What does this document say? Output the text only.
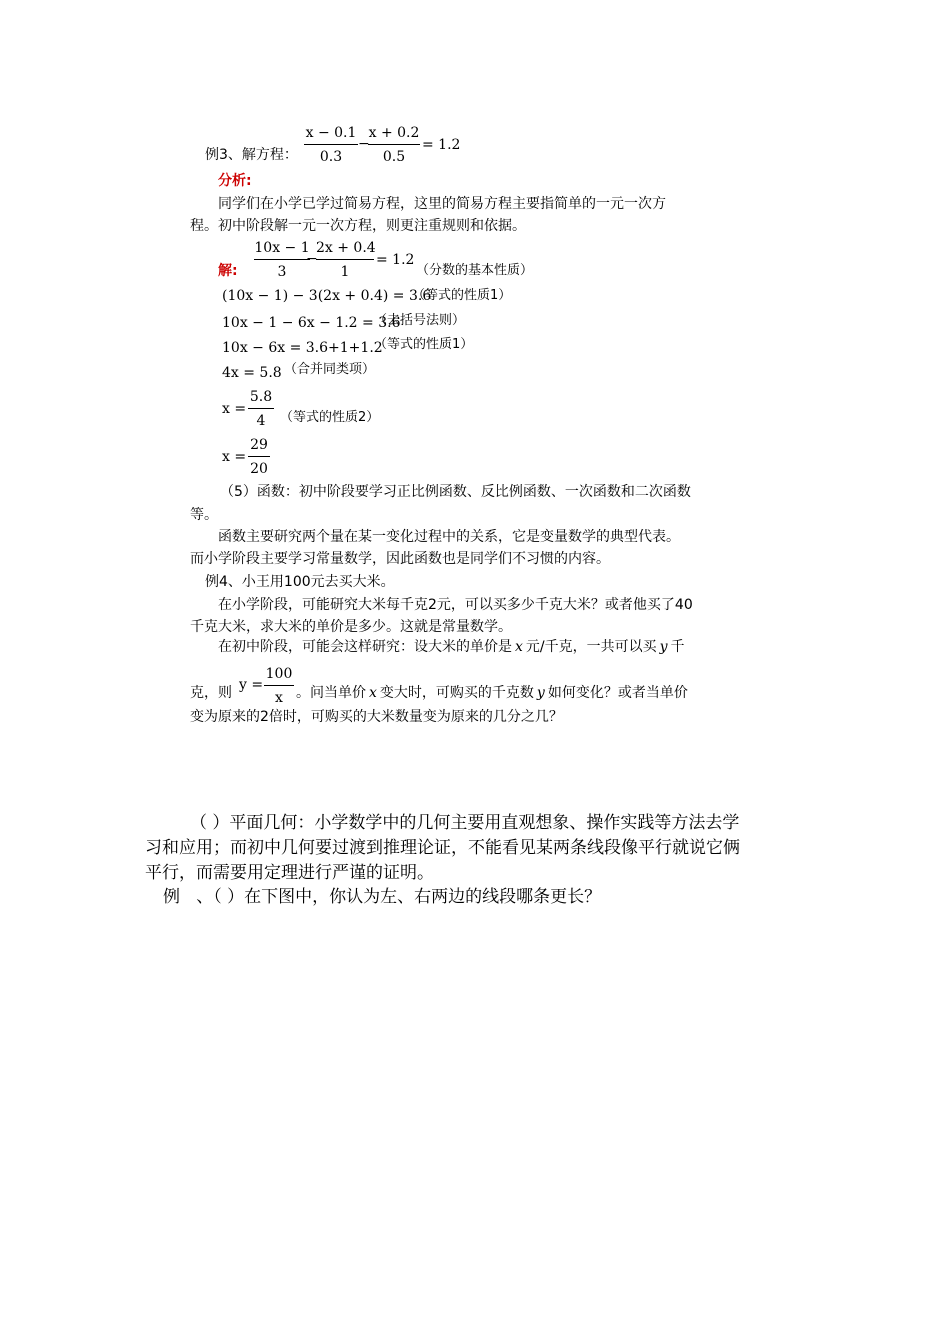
例3、解方程：
x − 0.1
0.3
−
x + 0.2
0.5
= 1.2
分析:
同学们在小学已学过简易方程，这里的简易方程主要指简单的一元一次方
程。初中阶段解一元一次方程，则更注重规则和依据。
解:
10x − 1
3
−
2x + 0.4
1
= 1.2
（分数的基本性质）
(10x − 1) − 3(2x + 0.4) = 3.6
（等式的性质1）
10x − 1 − 6x − 1.2 = 3.6
（去括号法则）
10x − 6x = 3.6+1+1.2
（等式的性质1）
4x = 5.8 （合并同类项）
x =
5.8
4	（等式的性质2）
x =
29
20
（5）函数：初中阶段要学习正比例函数、反比例函数、一次函数和二次函数
等。
函数主要研究两个量在某一变化过程中的关系，它是变量数学的典型代表。
而小学阶段主要学习常量数学，因此函数也是同学们不习惯的内容。
例4、小王用100元去买大米。
在小学阶段，可能研究大米每千克2元，可以买多少千克大米？或者他买了40
千克大米，求大米的单价是多少。这就是常量数学。
在初中阶段，可能会这样研究：设大米的单价是 x 元/千克，一共可以买 y 千
克，则 y =
100
x 。问当单价 x 变大时，可购买的千克数 y 如何变化？或者当单价
变为原来的2倍时，可购买的大米数量变为原来的几分之几？
（ ）平面几何：小学数学中的几何主要用直观想象、操作实践等方法去学
习和应用；而初中几何要过渡到推理论证，不能看见某两条线段像平行就说它俩
平行，而需要用定理进行严谨的证明。
例   、（ ）在下图中，你认为左、右两边的线段哪条更长？
